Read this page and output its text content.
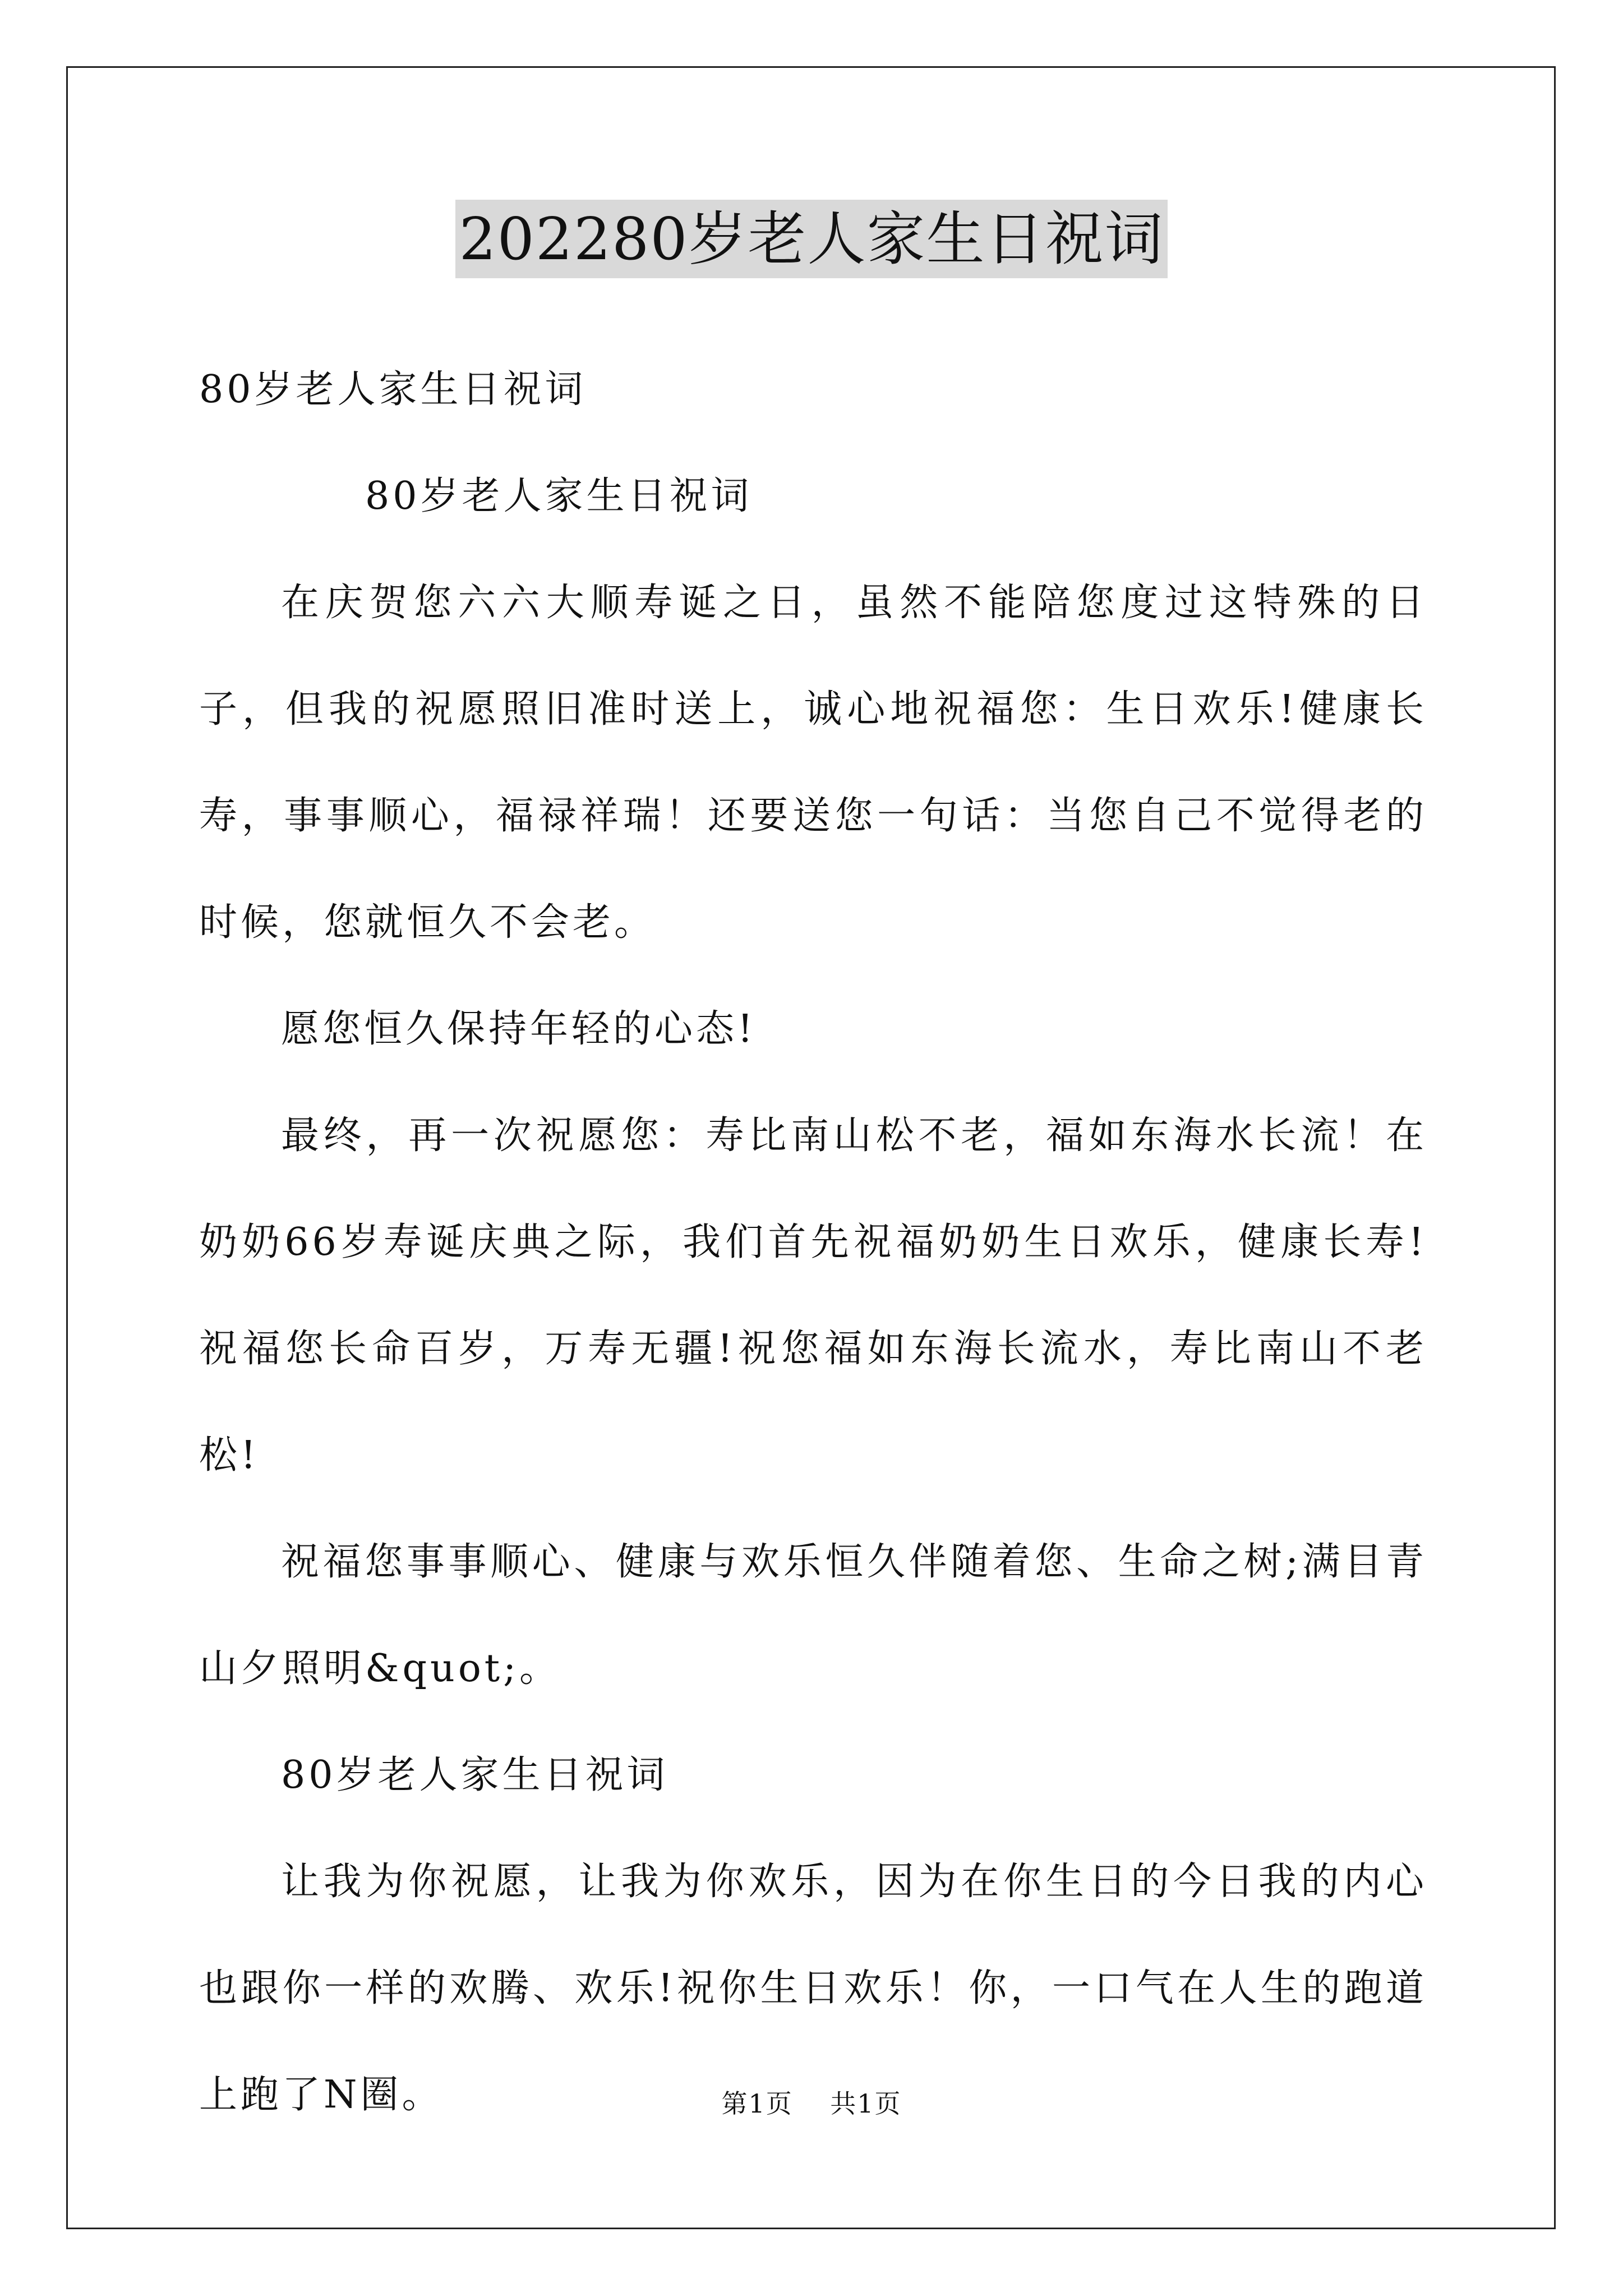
202280岁老人家生日祝词

80岁老人家生日祝词

80岁老人家生日祝词

在庆贺您六六大顺寿诞之日，虽然不能陪您度过这特殊的日子，但我的祝愿照旧准时送上，诚心地祝福您：生日欢乐!健康长寿，事事顺心，福禄祥瑞！还要送您一句话：当您自己不觉得老的时候，您就恒久不会老。

愿您恒久保持年轻的心态!

最终，再一次祝愿您：寿比南山松不老，福如东海水长流！在奶奶66岁寿诞庆典之际，我们首先祝福奶奶生日欢乐，健康长寿!祝福您长命百岁，万寿无疆!祝您福如东海长流水，寿比南山不老松!

祝福您事事顺心、健康与欢乐恒久伴随着您、生命之树;满目青山夕照明&quot;。

80岁老人家生日祝词

让我为你祝愿，让我为你欢乐，因为在你生日的今日我的内心也跟你一样的欢腾、欢乐!祝你生日欢乐！你，一口气在人生的跑道上跑了N圈。	第1页 共1页
